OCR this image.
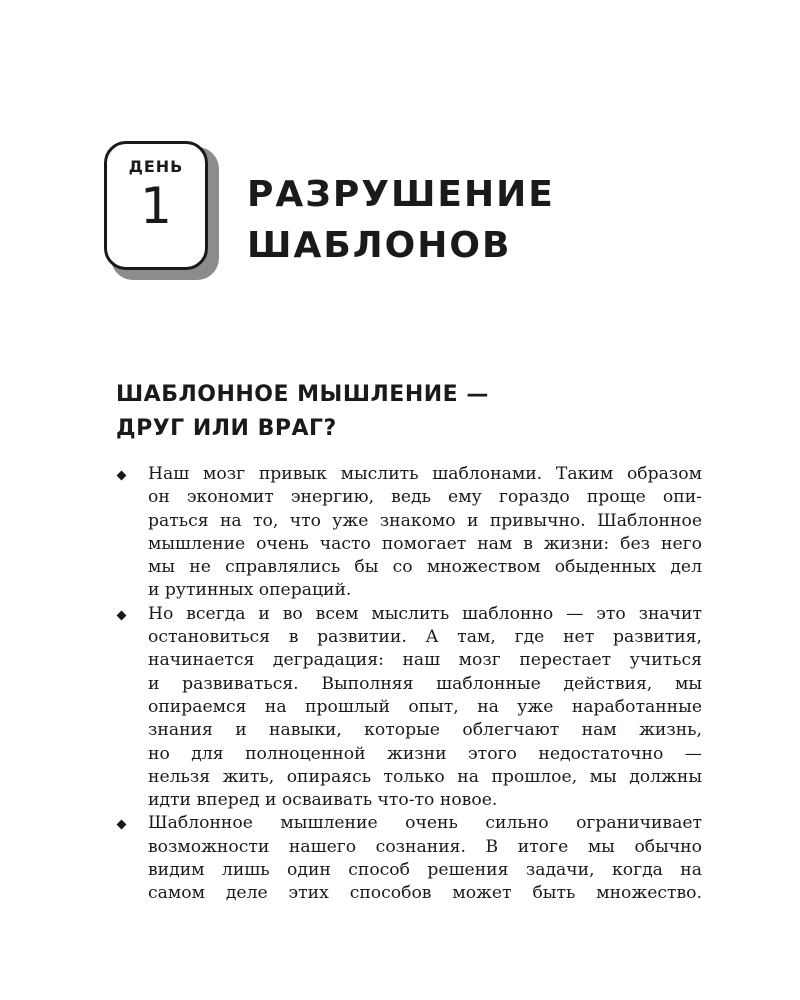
ДЕНЬ
1	РАЗРУШЕНИЕ
ШАБЛОНОВ
ШАБЛОННОЕ МЫШЛЕНИЕ —
ДРУГ ИЛИ ВРАГ?
Наш мозг привык мыслить шаблонами. Таким образом
он экономит энергию, ведь ему гораздо проще опи-
раться на то, что уже знакомо и привычно. Шаблонное
мышление очень часто помогает нам в жизни: без него
мы не справлялись бы со множеством обыденных дел
и рутинных операций.
Но всегда и во всем мыслить шаблонно — это значит
остановиться в развитии. А там, где нет развития,
начинается деградация: наш мозг перестает учиться
и развиваться. Выполняя шаблонные действия, мы
опираемся на прошлый опыт, на уже наработанные
знания и навыки, которые облегчают нам жизнь,
но для полноценной жизни этого недостаточно —
нельзя жить, опираясь только на прошлое, мы должны
идти вперед и осваивать что-то новое.
Шаблонное мышление очень сильно ограничивает
возможности нашего сознания. В итоге мы обычно
видим лишь один способ решения задачи, когда на
самом деле этих способов может быть множество.
